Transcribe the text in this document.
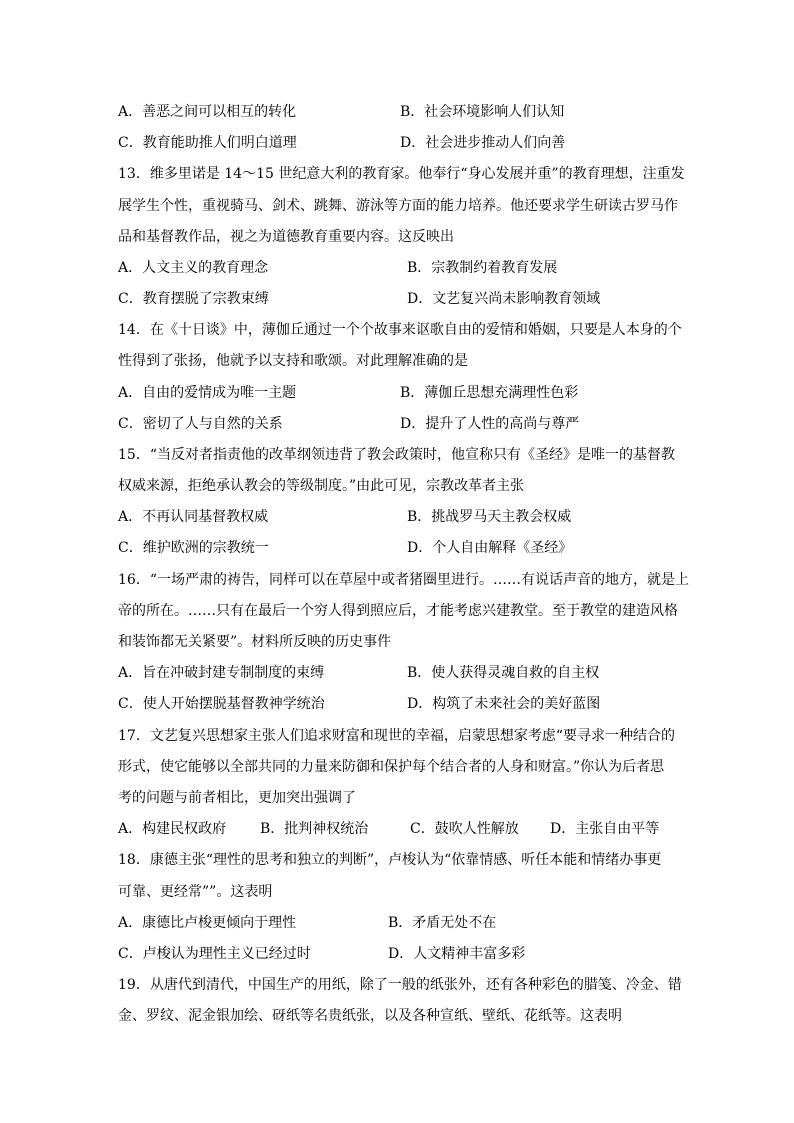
A．善恶之间可以相互的转化	B．社会环境影响人们认知
C．教育能助推人们明白道理	D．社会进步推动人们向善
13．维多里诺是 14～15 世纪意大利的教育家。他奉行“身心发展并重”的教育理想，注重发
展学生个性，重视骑马、剑术、跳舞、游泳等方面的能力培养。他还要求学生研读古罗马作
品和基督教作品，视之为道德教育重要内容。这反映出
A．人文主义的教育理念	B．宗教制约着教育发展
C．教育摆脱了宗教束缚	D．文艺复兴尚未影响教育领域
14．在《十日谈》中，薄伽丘通过一个个故事来讴歌自由的爱情和婚姻，只要是人本身的个
性得到了张扬，他就予以支持和歌颂。对此理解准确的是
A．自由的爱情成为唯一主题	B．薄伽丘思想充满理性色彩
C．密切了人与自然的关系	D．提升了人性的高尚与尊严
15．“当反对者指责他的改革纲领违背了教会政策时，他宣称只有《圣经》是唯一的基督教
权威来源，拒绝承认教会的等级制度。”由此可见，宗教改革者主张
A．不再认同基督教权威	B．挑战罗马天主教会权威
C．维护欧洲的宗教统一	D．个人自由解释《圣经》
16．“一场严肃的祷告，同样可以在草屋中或者猪圈里进行。……有说话声音的地方，就是上
帝的所在。……只有在最后一个穷人得到照应后，才能考虑兴建教堂。至于教堂的建造风格
和装饰都无关紧要”。材料所反映的历史事件
A．旨在冲破封建专制制度的束缚	B．使人获得灵魂自救的自主权
C．使人开始摆脱基督教神学统治	D．构筑了未来社会的美好蓝图
17．文艺复兴思想家主张人们追求财富和现世的幸福，启蒙思想家考虑“要寻求一种结合的
形式，使它能够以全部共同的力量来防御和保护每个结合者的人身和财富。”你认为后者思
考的问题与前者相比，更加突出强调了
A．构建民权政府 B．批判神权统治	C．鼓吹人性解放 D．主张自由平等
18．康德主张“理性的思考和独立的判断”，卢梭认为“依靠情感、听任本能和情绪办事更
可靠、更经常””。这表明
A．康德比卢梭更倾向于理性	B．矛盾无处不在
C．卢梭认为理性主义已经过时	D．人文精神丰富多彩
19．从唐代到清代，中国生产的用纸，除了一般的纸张外，还有各种彩色的腊笺、冷金、错
金、罗纹、泥金银加绘、砑纸等名贵纸张，以及各种宣纸、壁纸、花纸等。这表明
